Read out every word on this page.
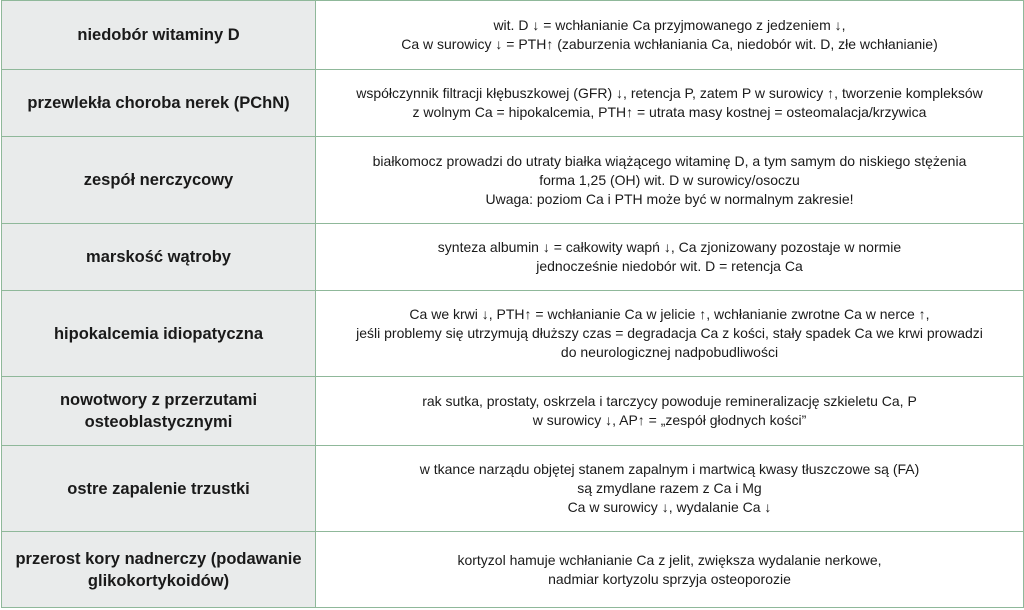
niedobór witaminy D	wit. D ↓ = wchłanianie Ca przyjmowanego z jedzeniem ↓,
Ca w surowicy ↓ = PTH↑ (zaburzenia wchłaniania Ca, niedobór wit. D, złe wchłanianie)

przewlekła choroba nerek (PChN)	współczynnik filtracji kłębuszkowej (GFR) ↓, retencja P, zatem P w surowicy ↑, tworzenie kompleksów
z wolnym Ca = hipokalcemia, PTH↑ = utrata masy kostnej = osteomalacja/krzywica

zespół nerczycowy	białkomocz prowadzi do utraty białka wiążącego witaminę D, a tym samym do niskiego stężenia
forma 1,25 (OH) wit. D w surowicy/osoczu
Uwaga: poziom Ca i PTH może być w normalnym zakresie!

marskość wątroby	synteza albumin ↓ = całkowity wapń ↓, Ca zjonizowany pozostaje w normie
jednocześnie niedobór wit. D = retencja Ca

hipokalcemia idiopatyczna	Ca we krwi ↓, PTH↑ = wchłanianie Ca w jelicie ↑, wchłanianie zwrotne Ca w nerce ↑,
jeśli problemy się utrzymują dłuższy czas = degradacja Ca z kości, stały spadek Ca we krwi prowadzi
do neurologicznej nadpobudliwości

nowotwory z przerzutami osteoblastycznymi	rak sutka, prostaty, oskrzela i tarczycy powoduje remineralizację szkieletu Ca, P
w surowicy ↓, AP↑ = „zespół głodnych kości”

ostre zapalenie trzustki	w tkance narządu objętej stanem zapalnym i martwicą kwasy tłuszczowe są (FA)
są zmydlane razem z Ca i Mg
Ca w surowicy ↓, wydalanie Ca ↓

przerost kory nadnerczy (podawanie glikokortykoidów)	kortyzol hamuje wchłanianie Ca z jelit, zwiększa wydalanie nerkowe,
nadmiar kortyzolu sprzyja osteoporozie
